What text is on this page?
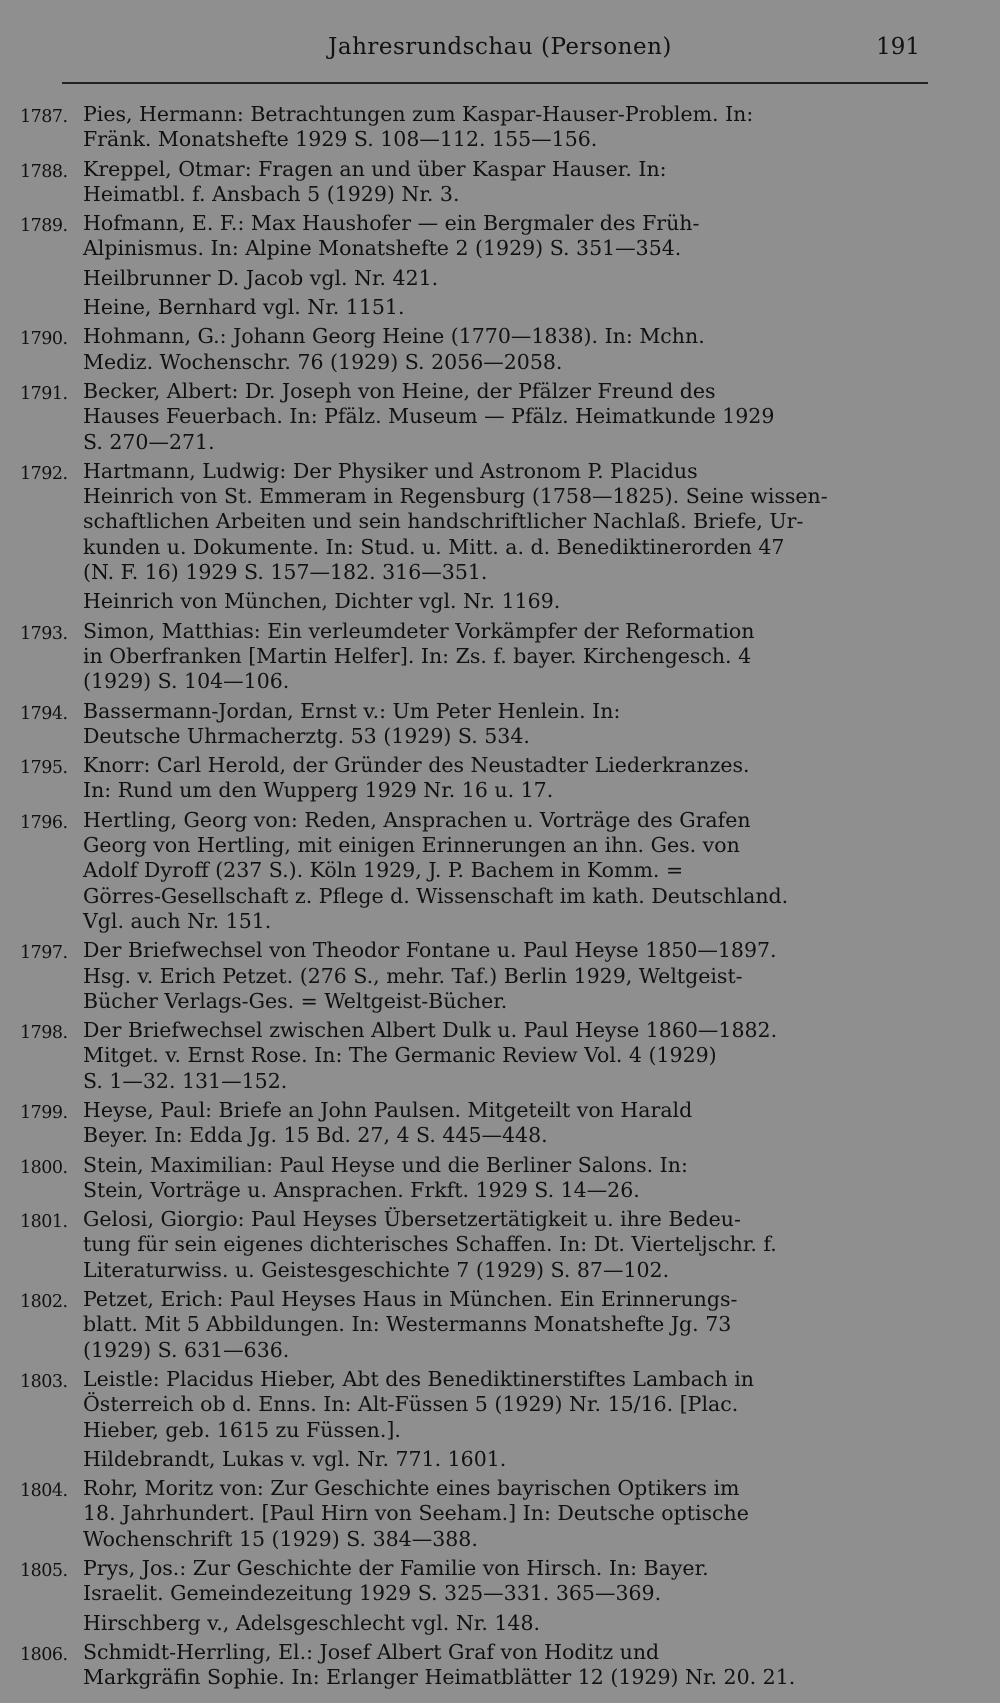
Jahresrundschau (Personen)	191
1787. Pies, Hermann: Betrachtungen zum Kaspar-Hauser-Problem. In:
Fränk. Monatshefte 1929 S. 108—112. 155—156.
1788. Kreppel, Otmar: Fragen an und über Kaspar Hauser. In:
Heimatbl. f. Ansbach 5 (1929) Nr. 3.
1789. Hofmann, E. F.: Max Haushofer — ein Bergmaler des Früh-
Alpinismus. In: Alpine Monatshefte 2 (1929) S. 351—354.
Heilbrunner D. Jacob vgl. Nr. 421.
Heine, Bernhard vgl. Nr. 1151.
1790. Hohmann, G.: Johann Georg Heine (1770—1838). In: Mchn.
Mediz. Wochenschr. 76 (1929) S. 2056—2058.
1791. Becker, Albert: Dr. Joseph von Heine, der Pfälzer Freund des
Hauses Feuerbach. In: Pfälz. Museum — Pfälz. Heimatkunde 1929
S. 270—271.
1792. Hartmann, Ludwig: Der Physiker und Astronom P. Placidus
Heinrich von St. Emmeram in Regensburg (1758—1825). Seine wissen-
schaftlichen Arbeiten und sein handschriftlicher Nachlaß. Briefe, Ur-
kunden u. Dokumente. In: Stud. u. Mitt. a. d. Benediktinerorden 47
(N. F. 16) 1929 S. 157—182. 316—351.
Heinrich von München, Dichter vgl. Nr. 1169.
1793. Simon, Matthias: Ein verleumdeter Vorkämpfer der Reformation
in Oberfranken [Martin Helfer]. In: Zs. f. bayer. Kirchengesch. 4
(1929) S. 104—106.
1794. Bassermann-Jordan, Ernst v.: Um Peter Henlein. In:
Deutsche Uhrmacherztg. 53 (1929) S. 534.
1795. Knorr: Carl Herold, der Gründer des Neustadter Liederkranzes.
In: Rund um den Wupperg 1929 Nr. 16 u. 17.
1796. Hertling, Georg von: Reden, Ansprachen u. Vorträge des Grafen
Georg von Hertling, mit einigen Erinnerungen an ihn. Ges. von
Adolf Dyroff (237 S.). Köln 1929, J. P. Bachem in Komm. =
Görres-Gesellschaft z. Pflege d. Wissenschaft im kath. Deutschland.
Vgl. auch Nr. 151.
1797. Der Briefwechsel von Theodor Fontane u. Paul Heyse 1850—1897.
Hsg. v. Erich Petzet. (276 S., mehr. Taf.) Berlin 1929, Weltgeist-
Bücher Verlags-Ges. = Weltgeist-Bücher.
1798. Der Briefwechsel zwischen Albert Dulk u. Paul Heyse 1860—1882.
Mitget. v. Ernst Rose. In: The Germanic Review Vol. 4 (1929)
S. 1—32. 131—152.
1799. Heyse, Paul: Briefe an John Paulsen. Mitgeteilt von Harald
Beyer. In: Edda Jg. 15 Bd. 27, 4 S. 445—448.
1800. Stein, Maximilian: Paul Heyse und die Berliner Salons. In:
Stein, Vorträge u. Ansprachen. Frkft. 1929 S. 14—26.
1801. Gelosi, Giorgio: Paul Heyses Übersetzertätigkeit u. ihre Bedeu-
tung für sein eigenes dichterisches Schaffen. In: Dt. Vierteljschr. f.
Literaturwiss. u. Geistesgeschichte 7 (1929) S. 87—102.
1802. Petzet, Erich: Paul Heyses Haus in München. Ein Erinnerungs-
blatt. Mit 5 Abbildungen. In: Westermanns Monatshefte Jg. 73
(1929) S. 631—636.
1803. Leistle: Placidus Hieber, Abt des Benediktinerstiftes Lambach in
Österreich ob d. Enns. In: Alt-Füssen 5 (1929) Nr. 15/16. [Plac.
Hieber, geb. 1615 zu Füssen.].
Hildebrandt, Lukas v. vgl. Nr. 771. 1601.
1804. Rohr, Moritz von: Zur Geschichte eines bayrischen Optikers im
18. Jahrhundert. [Paul Hirn von Seeham.] In: Deutsche optische
Wochenschrift 15 (1929) S. 384—388.
1805. Prys, Jos.: Zur Geschichte der Familie von Hirsch. In: Bayer.
Israelit. Gemeindezeitung 1929 S. 325—331. 365—369.
Hirschberg v., Adelsgeschlecht vgl. Nr. 148.
1806. Schmidt-Herrling, El.: Josef Albert Graf von Hoditz und
Markgräfin Sophie. In: Erlanger Heimatblätter 12 (1929) Nr. 20. 21.
